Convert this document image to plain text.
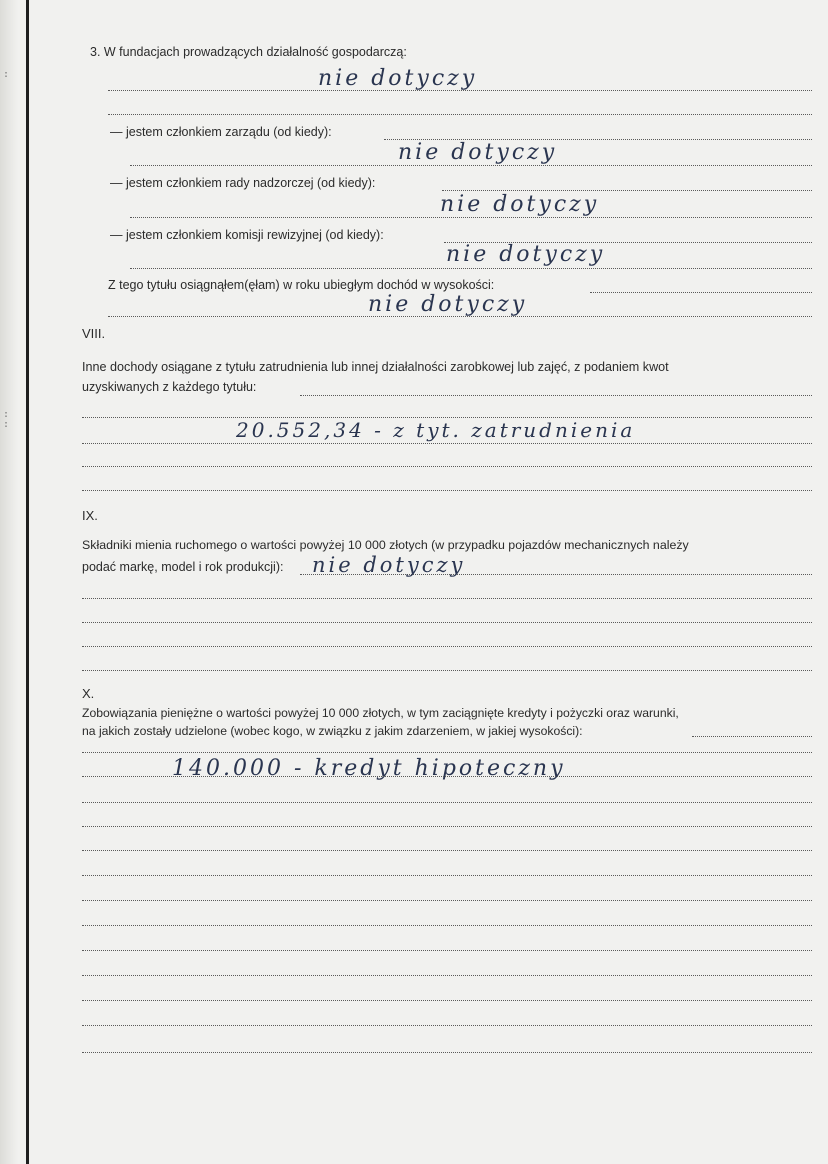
:
:
:
3. W fundacjach prowadzących działalność gospodarczą:
nie dotyczy
— jestem członkiem zarządu (od kiedy):
nie dotyczy
— jestem członkiem rady nadzorczej (od kiedy):
nie dotyczy
— jestem członkiem komisji rewizyjnej (od kiedy):
nie dotyczy
Z tego tytułu osiągnąłem(ęłam) w roku ubiegłym dochód w wysokości:
nie dotyczy
VIII.
Inne dochody osiągane z tytułu zatrudnienia lub innej działalności zarobkowej lub zajęć, z podaniem kwot
uzyskiwanych z każdego tytułu:
20.552,34 - z tyt. zatrudnienia
IX.
Składniki mienia ruchomego o wartości powyżej 10 000 złotych (w przypadku pojazdów mechanicznych należy
podać markę, model i rok produkcji): nie dotyczy
X.
Zobowiązania pieniężne o wartości powyżej 10 000 złotych, w tym zaciągnięte kredyty i pożyczki oraz warunki,
na jakich zostały udzielone (wobec kogo, w związku z jakim zdarzeniem, w jakiej wysokości):
140.000 - kredyt hipoteczny
